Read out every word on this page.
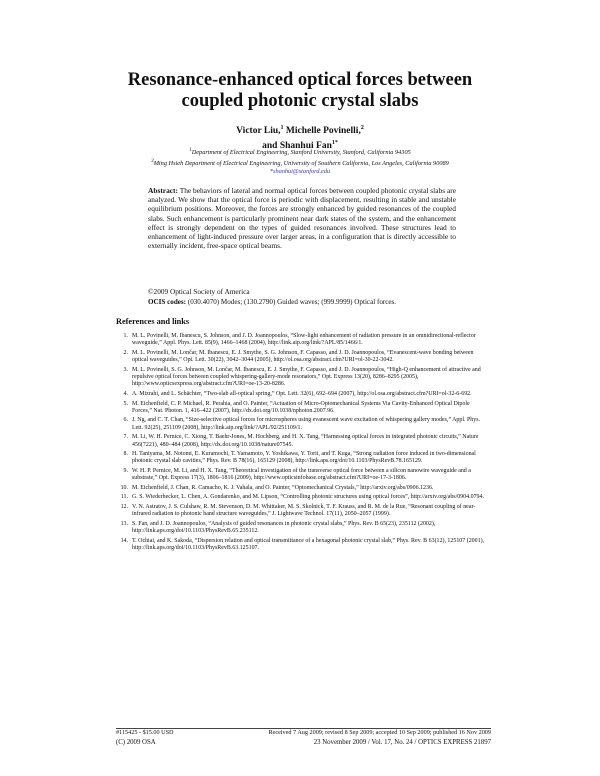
Resonance-enhanced optical forces between
coupled photonic crystal slabs
Victor Liu,$^1$ Michelle Povinelli,$^2$
and Shanhui Fan$^{1*}$
$^1$Department of Electrical Engineering, Stanford University, Stanford, California 94305
$^2$Ming Hsieh Department of Electrical Engineering, University of Southern California, Los Angeles, California 90089
*shanhui@stanford.edu
Abstract: The behaviors of lateral and normal optical forces between coupled photonic crystal slabs are analyzed. We show that the optical force is periodic with displacement, resulting in stable and unstable equilibrium positions. Moreover, the forces are strongly enhanced by guided resonances of the coupled slabs. Such enhancement is particularly prominent near dark states of the system, and the enhancement effect is strongly dependent on the types of guided resonances involved. These structures lead to enhancement of light-induced pressure over larger areas, in a configuration that is directly accessible to externally incident, free-space optical beams.
©2009 Optical Society of America
OCIS codes: (030.4070) Modes; (130.2790) Guided waves; (999.9999) Optical forces.
References and links
1. M. L. Povinelli, M. Ibanescu, S. Johnson, and J. D. Joannopoulos, “Slow-light enhancement of radiation pressure in an omnidirectional-reflector waveguide,” Appl. Phys. Lett. 85(9), 1466–1468 (2004), http://link.aip.org/link/?APL/85/1466/1.
2. M. L. Povinelli, M. Lončar, M. Ibanescu, E. J. Smythe, S. G. Johnson, F. Capasso, and J. D. Joannopoulos, “Evanescent-wave bonding between optical waveguides,” Opt. Lett. 30(22), 3042–3044 (2005), http://ol.osa.org/abstract.cfm?URI=ol-30-22-3042.
3. M. L. Povinelli, S. G. Johnson, M. Lončar, M. Ibanescu, E. J. Smythe, F. Capasso, and J. D. Joannopoulos, “High-Q enhancement of attractive and repulsive optical forces between coupled whispering-gallery-mode resonators,” Opt. Express 13(20), 8286–8295 (2005), http://www.opticsexpress.org/abstract.cfm?URI=oe-13-20-8286.
4. A. Mizrahi, and L. Schächter, “Two-slab all-optical spring,” Opt. Lett. 32(6), 692–694 (2007), http://ol.osa.org/abstract.cfm?URI=ol-32-6-692.
5. M. Eichenfield, C. P. Michael, R. Perahia, and O. Painter, “Actuation of Micro-Optomechanical Systems Via Cavity-Enhanced Optical Dipole Forces,” Nat. Photon. 1, 416–422 (2007), http://dx.doi.org/10.1038/nphoton.2007.96.
6. J. Ng, and C. T. Chan, “Size-selective optical forces for microspheres using evanescent wave excitation of whispering gallery modes,” Appl. Phys. Lett. 92(25), 251109 (2008), http://link.aip.org/link/?APL/92/251109/1.
7. M. Li, W. H. Pernice, C. Xiong, T. Baehr-Jones, M. Hochberg, and H. X. Tang, “Harnessing optical forces in integrated photonic circuits,” Nature 456(7221), 480–484 (2008), http://dx.doi.org/10.1038/nature07545.
8. H. Taniyama, M. Notomi, E. Kuramochi, T. Yamamoto, Y. Yoshikawa, Y. Torii, and T. Kuga, “Strong radiation force induced in two-dimensional photonic crystal slab cavities,” Phys. Rev. B 78(16), 165129 (2008), http://link.aps.org/doi/10.1103/PhysRevB.78.165129.
9. W. H. P. Pernice, M. Li, and H. X. Tang, “Theoretical investigation of the transverse optical force between a silicon nanowire waveguide and a substrate,” Opt. Express 17(3), 1806–1816 (2009), http://www.opticsinfobase.org/abstract.cfm?URI=oe-17-3-1806.
10. M. Eichenfield, J. Chan, R. Camacho, K. J. Vahala, and O. Painter, “Optomechanical Crystals,” http://arxiv.org/abs/0906.1236.
11. G. S. Wiederhecker, L. Chen, A. Gondarenko, and M. Lipson, “Controlling photonic structures using optical forces”, http://arxiv.org/abs/0904.0794.
12. V. N. Astratov, J. S. Culshaw, R. M. Stevenson, D. M. Whittaker, M. S. Skolnick, T. F. Krauss, and R. M. de la Rue, “Resonant coupling of near-infrared radiation to photonic band structure waveguides,” J. Lightwave Technol. 17(11), 2050–2057 (1999).
13. S. Fan, and J. D. Joannopoulos, “Analysis of guided resonances in photonic crystal slabs,” Phys. Rev. B 65(23), 235112 (2002), http://link.aps.org/doi/10.1103/PhysRevB.65.235112.
14. T. Ochiai, and K. Sakoda, “Dispersion relation and optical transmittance of a hexagonal photonic crystal slab,” Phys. Rev. B 63(12), 125107 (2001), http://link.aps.org/doi/10.1103/PhysRevB.63.125107.
#115425 - $15.00 USD	Received 7 Aug 2009; revised 8 Sep 2009; accepted 10 Sep 2009; published 16 Nov 2009
(C) 2009 OSA	23 November 2009 / Vol. 17, No. 24 / OPTICS EXPRESS 21897
